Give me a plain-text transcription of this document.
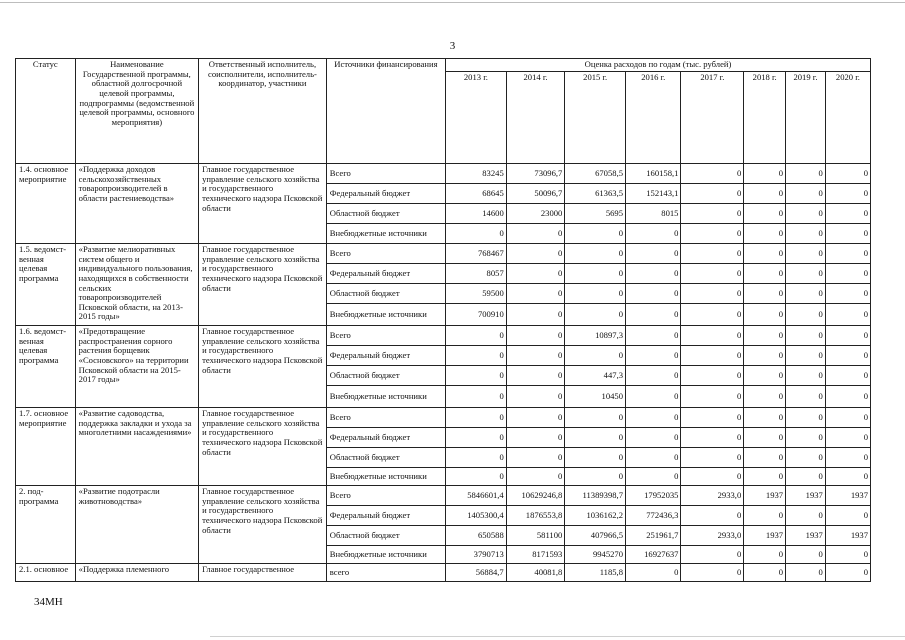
3
Статус	Наименование Государственной программы, областной долгосрочной целевой программы, подпрограммы (ведомственной целевой программы, основного мероприятия)	Ответственный исполнитель, соисполнители, исполнитель-координатор, участники	Источники финансирования	Оценка расходов по годам (тыс. рублей)							
				2013 г.	2014 г.	2015 г.	2016 г.	2017 г.	2018 г.	2019 г.	2020 г.
1.4. основное мероприятие	«Поддержка доходов сельскохозяйственных товаропроизводителей в области растениеводства»	Главное государственное управление сельского хозяйства и государственного технического надзора Псковской области	Всего	83245	73096,7	67058,5	160158,1	0	0	0	0
			Федеральный бюджет	68645	50096,7	61363,5	152143,1	0	0	0	0
			Областной бюджет	14600	23000	5695	8015	0	0	0	0
			Внебюджетные источники	0	0	0	0	0	0	0	0
1.5. ведомст-венная целевая программа	«Развитие мелиоративных систем общего и индивидуального пользования, находящихся в собственности сельских товаропроизводителей Псковской области, на 2013-2015 годы»	Главное государственное управление сельского хозяйства и государственного технического надзора Псковской области	Всего	768467	0	0	0	0	0	0	0
			Федеральный бюджет	8057	0	0	0	0	0	0	0
			Областной бюджет	59500	0	0	0	0	0	0	0
			Внебюджетные источники	700910	0	0	0	0	0	0	0
1.6. ведомст-венная целевая программа	«Предотвращение распространения сорного растения борщевик «Сосновского» на территории Псковской области на 2015-2017 годы»	Главное государственное управление сельского хозяйства и государственного технического надзора Псковской области	Всего	0	0	10897,3	0	0	0	0	0
			Федеральный бюджет	0	0	0	0	0	0	0	0
			Областной бюджет	0	0	447,3	0	0	0	0	0
			Внебюджетные источники	0	0	10450	0	0	0	0	0
1.7. основное мероприятие	«Развитие садоводства, поддержка закладки и ухода за многолетними насаждениями»	Главное государственное управление сельского хозяйства и государственного технического надзора Псковской области	Всего	0	0	0	0	0	0	0	0
			Федеральный бюджет	0	0	0	0	0	0	0	0
			Областной бюджет	0	0	0	0	0	0	0	0
			Внебюджетные источники	0	0	0	0	0	0	0	0
2. под-программа	«Развитие подотрасли животноводства»	Главное государственное управление сельского хозяйства и государственного технического надзора Псковской области	Всего	5846601,4	10629246,8	11389398,7	17952035	2933,0	1937	1937	1937
			Федеральный бюджет	1405300,4	1876553,8	1036162,2	772436,3	0	0	0	0
			Областной бюджет	650588	581100	407966,5	251961,7	2933,0	1937	1937	1937
			Внебюджетные источники	3790713	8171593	9945270	16927637	0	0	0	0
2.1. основное	«Поддержка племенного	Главное государственное	всего	56884,7	40081,8	1185,8	0	0	0	0	0
34МН
